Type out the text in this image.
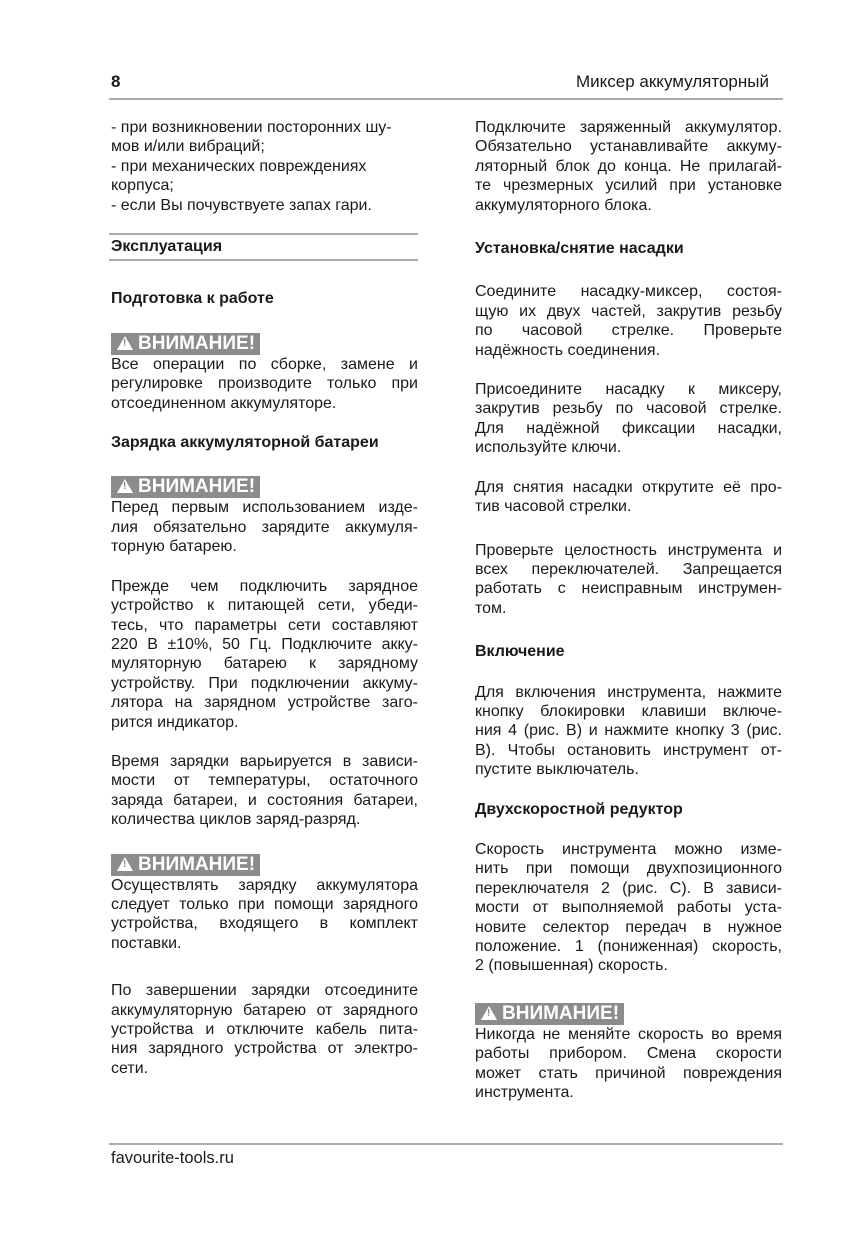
8	Миксер аккумуляторный
- при возникновении посторонних шу-
мов и/или вибраций;
- при механических повреждениях
корпуса;
- если Вы почувствуете запах гари.
Эксплуатация
Подготовка к работе
!ВНИМАНИЕ!
Все операции по сборке, замене и
регулировке производите только при
отсоединенном аккумуляторе.
Зарядка аккумуляторной батареи
!ВНИМАНИЕ!
Перед первым использованием изде-
лия обязательно зарядите аккумуля-
торную батарею.
Прежде чем подключить зарядное
устройство к питающей сети, убеди-
тесь, что параметры сети составляют
220 В ±10%, 50 Гц. Подключите акку-
муляторную батарею к зарядному
устройству. При подключении аккуму-
лятора на зарядном устройстве заго-
рится индикатор.
Время зарядки варьируется в зависи-
мости от температуры, остаточного
заряда батареи, и состояния батареи,
количества циклов заряд-разряд.
!ВНИМАНИЕ!
Осуществлять зарядку аккумулятора
следует только при помощи зарядного
устройства, входящего в комплект
поставки.
По завершении зарядки отсоедините
аккумуляторную батарею от зарядного
устройства и отключите кабель пита-
ния зарядного устройства от электро-
сети.
Подключите заряженный аккумулятор.
Обязательно устанавливайте аккуму-
ляторный блок до конца. Не прилагай-
те чрезмерных усилий при установке
аккумуляторного блока.
Установка/снятие насадки
Соедините насадку-миксер, состоя-
щую их двух частей, закрутив резьбу
по часовой стрелке. Проверьте
надёжность соединения.
Присоедините насадку к миксеру,
закрутив резьбу по часовой стрелке.
Для надёжной фиксации насадки,
используйте ключи.
Для снятия насадки открутите её про-
тив часовой стрелки.
Проверьте целостность инструмента и
всех переключателей. Запрещается
работать с неисправным инструмен-
том.
Включение
Для включения инструмента, нажмите
кнопку блокировки клавиши включе-
ния 4 (рис. B) и нажмите кнопку 3 (рис.
B). Чтобы остановить инструмент от-
пустите выключатель.
Двухскоростной редуктор
Скорость инструмента можно изме-
нить при помощи двухпозиционного
переключателя 2 (рис. C). В зависи-
мости от выполняемой работы уста-
новите селектор передач в нужное
положение. 1 (пониженная) скорость,
2 (повышенная) скорость.
!ВНИМАНИЕ!
Никогда не меняйте скорость во время
работы прибором. Смена скорости
может стать причиной повреждения
инструмента.
favourite-tools.ru
